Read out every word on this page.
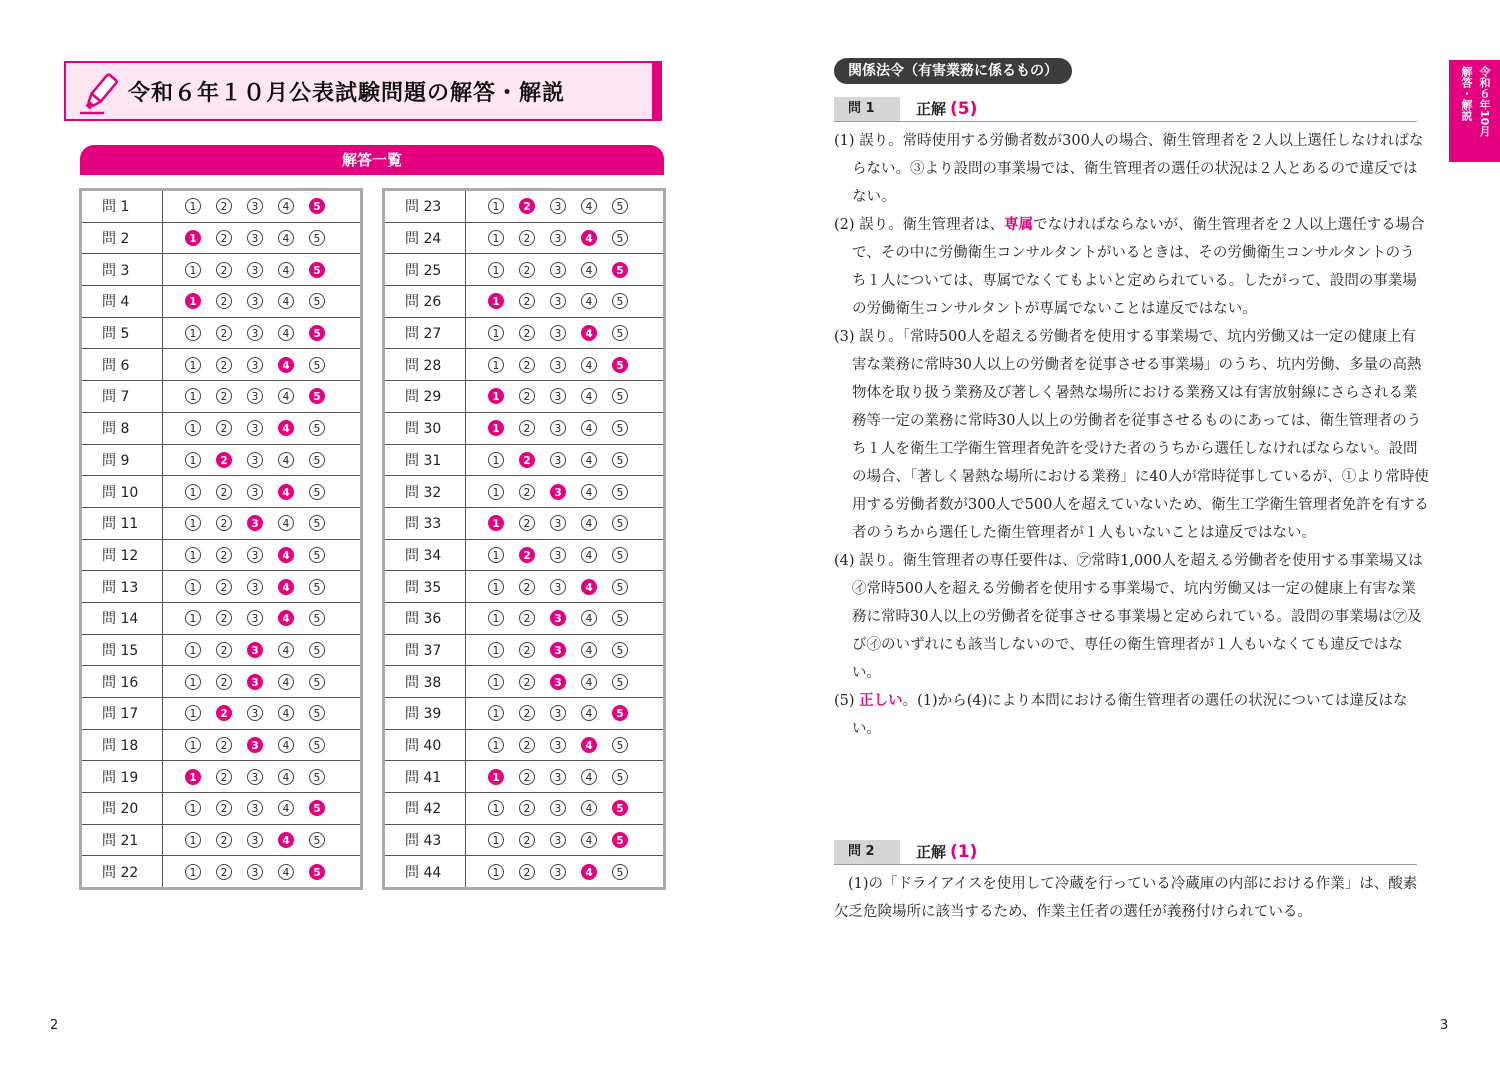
令和６年１０月公表試験問題の解答・解説
解答一覧
問 1	1 2 3 4 5
問 2	1 2 3 4 5
問 3	1 2 3 4 5
問 4	1 2 3 4 5
問 5	1 2 3 4 5
問 6	1 2 3 4 5
問 7	1 2 3 4 5
問 8	1 2 3 4 5
問 9	1 2 3 4 5
問 10	1 2 3 4 5
問 11	1 2 3 4 5
問 12	1 2 3 4 5
問 13	1 2 3 4 5
問 14	1 2 3 4 5
問 15	1 2 3 4 5
問 16	1 2 3 4 5
問 17	1 2 3 4 5
問 18	1 2 3 4 5
問 19	1 2 3 4 5
問 20	1 2 3 4 5
問 21	1 2 3 4 5
問 22	1 2 3 4 5
問 23	1 2 3 4 5
問 24	1 2 3 4 5
問 25	1 2 3 4 5
問 26	1 2 3 4 5
問 27	1 2 3 4 5
問 28	1 2 3 4 5
問 29	1 2 3 4 5
問 30	1 2 3 4 5
問 31	1 2 3 4 5
問 32	1 2 3 4 5
問 33	1 2 3 4 5
問 34	1 2 3 4 5
問 35	1 2 3 4 5
問 36	1 2 3 4 5
問 37	1 2 3 4 5
問 38	1 2 3 4 5
問 39	1 2 3 4 5
問 40	1 2 3 4 5
問 41	1 2 3 4 5
問 42	1 2 3 4 5
問 43	1 2 3 4 5
問 44	1 2 3 4 5
2
関係法令（有害業務に係るもの）	令和６年10月
解答・解説
問 1	正解 (5)

(1) 誤り。常時使用する労働者数が300人の場合、衛生管理者を２人以上選任しなければならない。③より設問の事業場では、衛生管理者の選任の状況は２人とあるので違反ではない。

(2) 誤り。衛生管理者は、専属でなければならないが、衛生管理者を２人以上選任する場合で、その中に労働衛生コンサルタントがいるときは、その労働衛生コンサルタントのうち１人については、専属でなくてもよいと定められている。したがって、設問の事業場の労働衛生コンサルタントが専属でないことは違反ではない。

(3) 誤り。「常時500人を超える労働者を使用する事業場で、坑内労働又は一定の健康上有害な業務に常時30人以上の労働者を従事させる事業場」のうち、坑内労働、多量の高熱物体を取り扱う業務及び著しく暑熱な場所における業務又は有害放射線にさらされる業務等一定の業務に常時30人以上の労働者を従事させるものにあっては、衛生管理者のうち１人を衛生工学衛生管理者免許を受けた者のうちから選任しなければならない。設問の場合、「著しく暑熱な場所における業務」に40人が常時従事しているが、①より常時使用する労働者数が300人で500人を超えていないため、衛生工学衛生管理者免許を有する者のうちから選任した衛生管理者が１人もいないことは違反ではない。

(4) 誤り。衛生管理者の専任要件は、㋐常時1,000人を超える労働者を使用する事業場又は㋑常時500人を超える労働者を使用する事業場で、坑内労働又は一定の健康上有害な業務に常時30人以上の労働者を従事させる事業場と定められている。設問の事業場は㋐及び㋑のいずれにも該当しないので、専任の衛生管理者が１人もいなくても違反ではない。

(5) 正しい。(1)から(4)により本問における衛生管理者の選任の状況については違反はない。

問 2	正解 (1)
(1)の「ドライアイスを使用して冷蔵を行っている冷蔵庫の内部における作業」は、酸素欠乏危険場所に該当するため、作業主任者の選任が義務付けられている。
3
